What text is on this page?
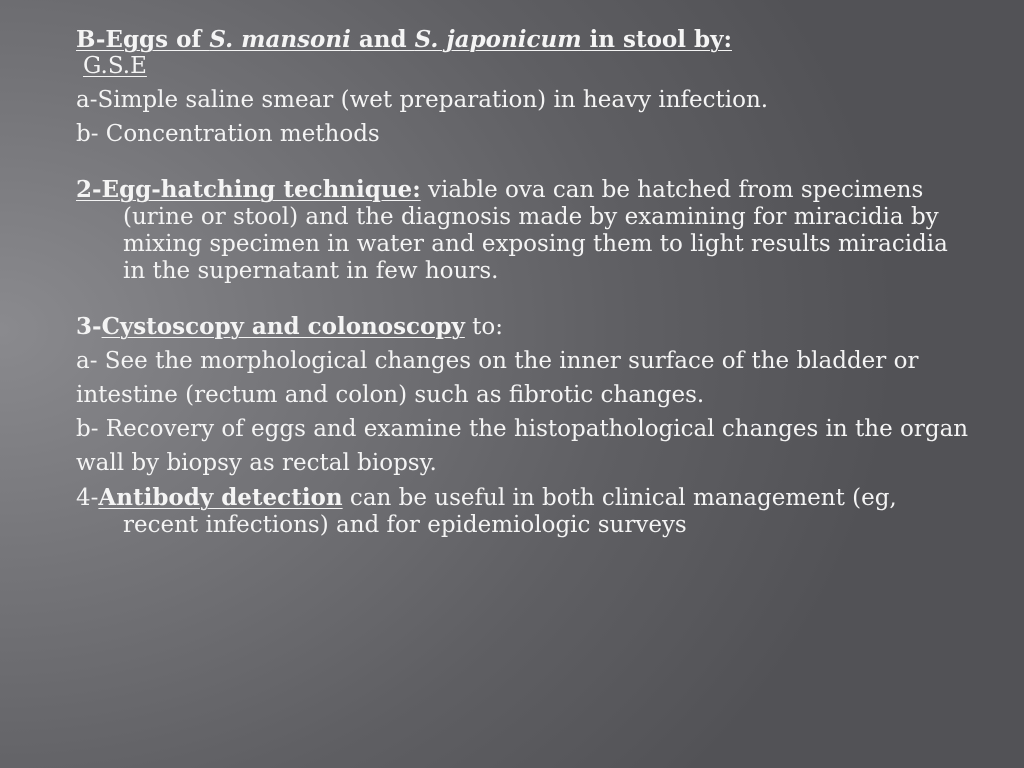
B-Eggs of S. mansoni and S. japonicum in stool by:

G.S.E

a-Simple saline smear (wet preparation) in heavy infection.

b- Concentration methods

2-Egg-hatching technique: viable ova can be hatched from specimens (urine or stool) and the diagnosis made by examining for miracidia by mixing specimen in water and exposing them to light results miracidia in the supernatant in few hours.

3-Cystoscopy and colonoscopy to:

a- See the morphological changes on the inner surface of the bladder or

intestine (rectum and colon) such as fibrotic changes.

b- Recovery of eggs and examine the histopathological changes in the organ

wall by biopsy as rectal biopsy.

4-Antibody detection can be useful in both clinical management (eg, recent infections) and for epidemiologic surveys
